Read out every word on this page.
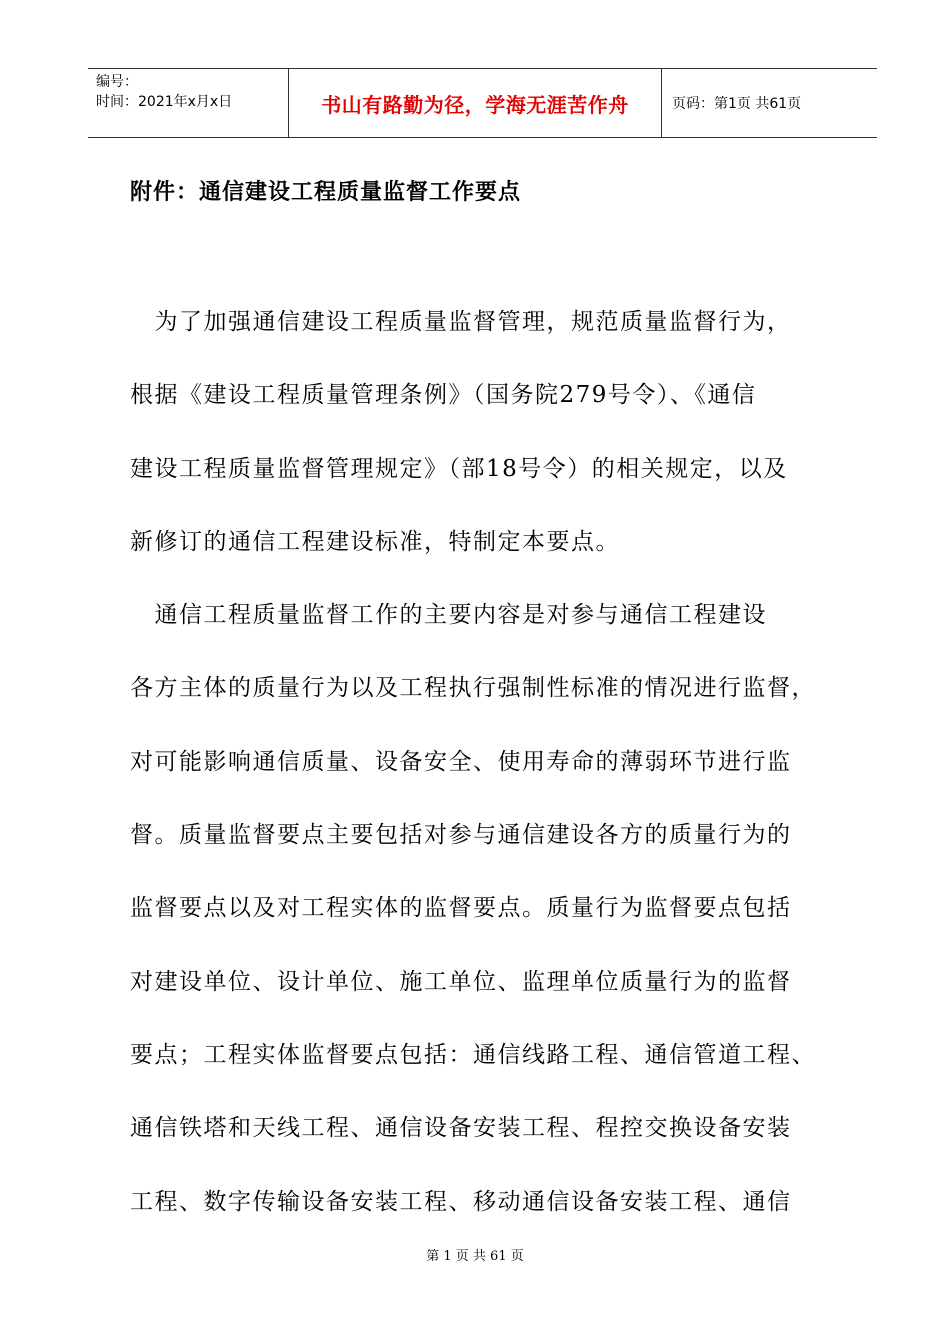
编号：
时间：2021年x月x日	书山有路勤为径，学海无涯苦作舟	页码：第1页 共61页
附件：通信建设工程质量监督工作要点

　为了加强通信建设工程质量监督管理，规范质量监督行为，

根据《建设工程质量管理条例》（国务院279号令）、《通信

建设工程质量监督管理规定》（部18号令）的相关规定，以及

新修订的通信工程建设标准，特制定本要点。

　通信工程质量监督工作的主要内容是对参与通信工程建设

各方主体的质量行为以及工程执行强制性标准的情况进行监督，

对可能影响通信质量、设备安全、使用寿命的薄弱环节进行监

督。质量监督要点主要包括对参与通信建设各方的质量行为的

监督要点以及对工程实体的监督要点。质量行为监督要点包括

对建设单位、设计单位、施工单位、监理单位质量行为的监督

要点；工程实体监督要点包括：通信线路工程、通信管道工程、

通信铁塔和天线工程、通信设备安装工程、程控交换设备安装

工程、数字传输设备安装工程、移动通信设备安装工程、通信

第 1 页 共 61 页
